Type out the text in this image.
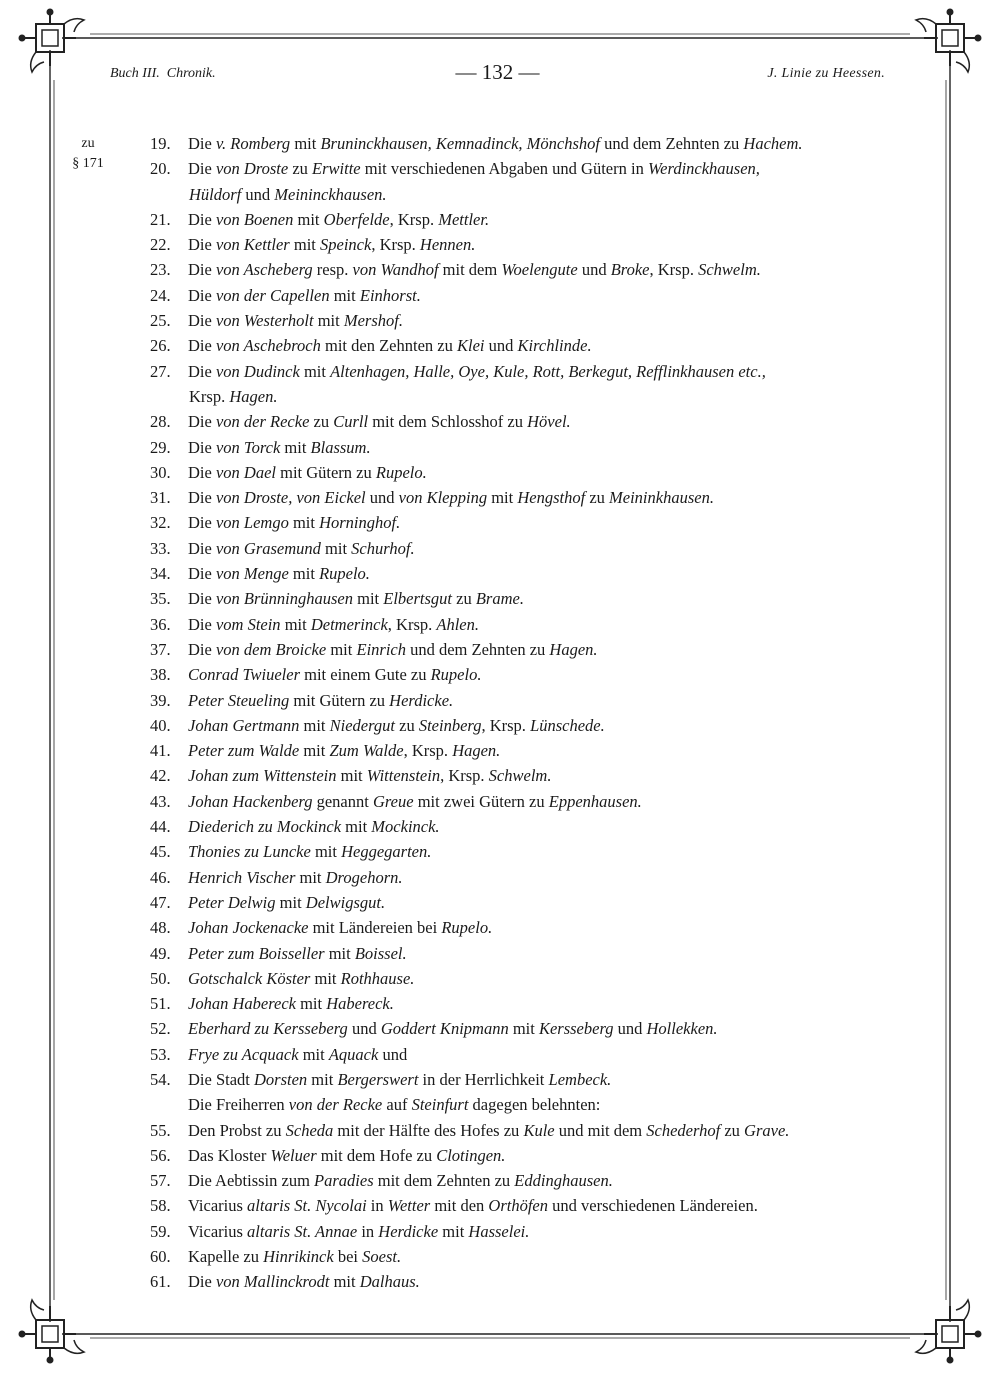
Buch III. Chronik.	— 132 —	J. Linie zu Heessen.
zu
§ 171
19.Die v. Romberg mit Bruninckhausen, Kemnadinck, Mönchshof und dem Zehnten zu Hachem.
20.Die von Droste zu Erwitte mit verschiedenen Abgaben und Gütern in Werdinckhausen,
Hüldorf und Meininckhausen.
21.Die von Boenen mit Oberfelde, Krsp. Mettler.
22.Die von Kettler mit Speinck, Krsp. Hennen.
23.Die von Ascheberg resp. von Wandhof mit dem Woelengute und Broke, Krsp. Schwelm.
24.Die von der Capellen mit Einhorst.
25.Die von Westerholt mit Mershof.
26.Die von Aschebroch mit den Zehnten zu Klei und Kirchlinde.
27.Die von Dudinck mit Altenhagen, Halle, Oye, Kule, Rott, Berkegut, Refflinkhausen etc.,
Krsp. Hagen.
28.Die von der Recke zu Curll mit dem Schlosshof zu Hövel.
29.Die von Torck mit Blassum.
30.Die von Dael mit Gütern zu Rupelo.
31.Die von Droste, von Eickel und von Klepping mit Hengsthof zu Meininkhausen.
32.Die von Lemgo mit Horninghof.
33.Die von Grasemund mit Schurhof.
34.Die von Menge mit Rupelo.
35.Die von Brünninghausen mit Elbertsgut zu Brame.
36.Die vom Stein mit Detmerinck, Krsp. Ahlen.
37.Die von dem Broicke mit Einrich und dem Zehnten zu Hagen.
38.Conrad Twiueler mit einem Gute zu Rupelo.
39.Peter Steueling mit Gütern zu Herdicke.
40.Johan Gertmann mit Niedergut zu Steinberg, Krsp. Lünschede.
41.Peter zum Walde mit Zum Walde, Krsp. Hagen.
42.Johan zum Wittenstein mit Wittenstein, Krsp. Schwelm.
43.Johan Hackenberg genannt Greue mit zwei Gütern zu Eppenhausen.
44.Diederich zu Mockinck mit Mockinck.
45.Thonies zu Luncke mit Heggegarten.
46.Henrich Vischer mit Drogehorn.
47.Peter Delwig mit Delwigsgut.
48.Johan Jockenacke mit Ländereien bei Rupelo.
49.Peter zum Boisseller mit Boissel.
50.Gotschalck Köster mit Rothhause.
51.Johan Habereck mit Habereck.
52.Eberhard zu Kersseberg und Goddert Knipmann mit Kersseberg und Hollekken.
53.Frye zu Acquack mit Aquack und
54.Die Stadt Dorsten mit Bergerswert in der Herrlichkeit Lembeck.
Die Freiherren von der Recke auf Steinfurt dagegen belehnten:
55.Den Probst zu Scheda mit der Hälfte des Hofes zu Kule und mit dem Schederhof zu Grave.
56.Das Kloster Weluer mit dem Hofe zu Clotingen.
57.Die Aebtissin zum Paradies mit dem Zehnten zu Eddinghausen.
58.Vicarius altaris St. Nycolai in Wetter mit den Orthöfen und verschiedenen Ländereien.
59.Vicarius altaris St. Annae in Herdicke mit Hasselei.
60.Kapelle zu Hinrikinck bei Soest.
61.Die von Mallinckrodt mit Dalhaus.
